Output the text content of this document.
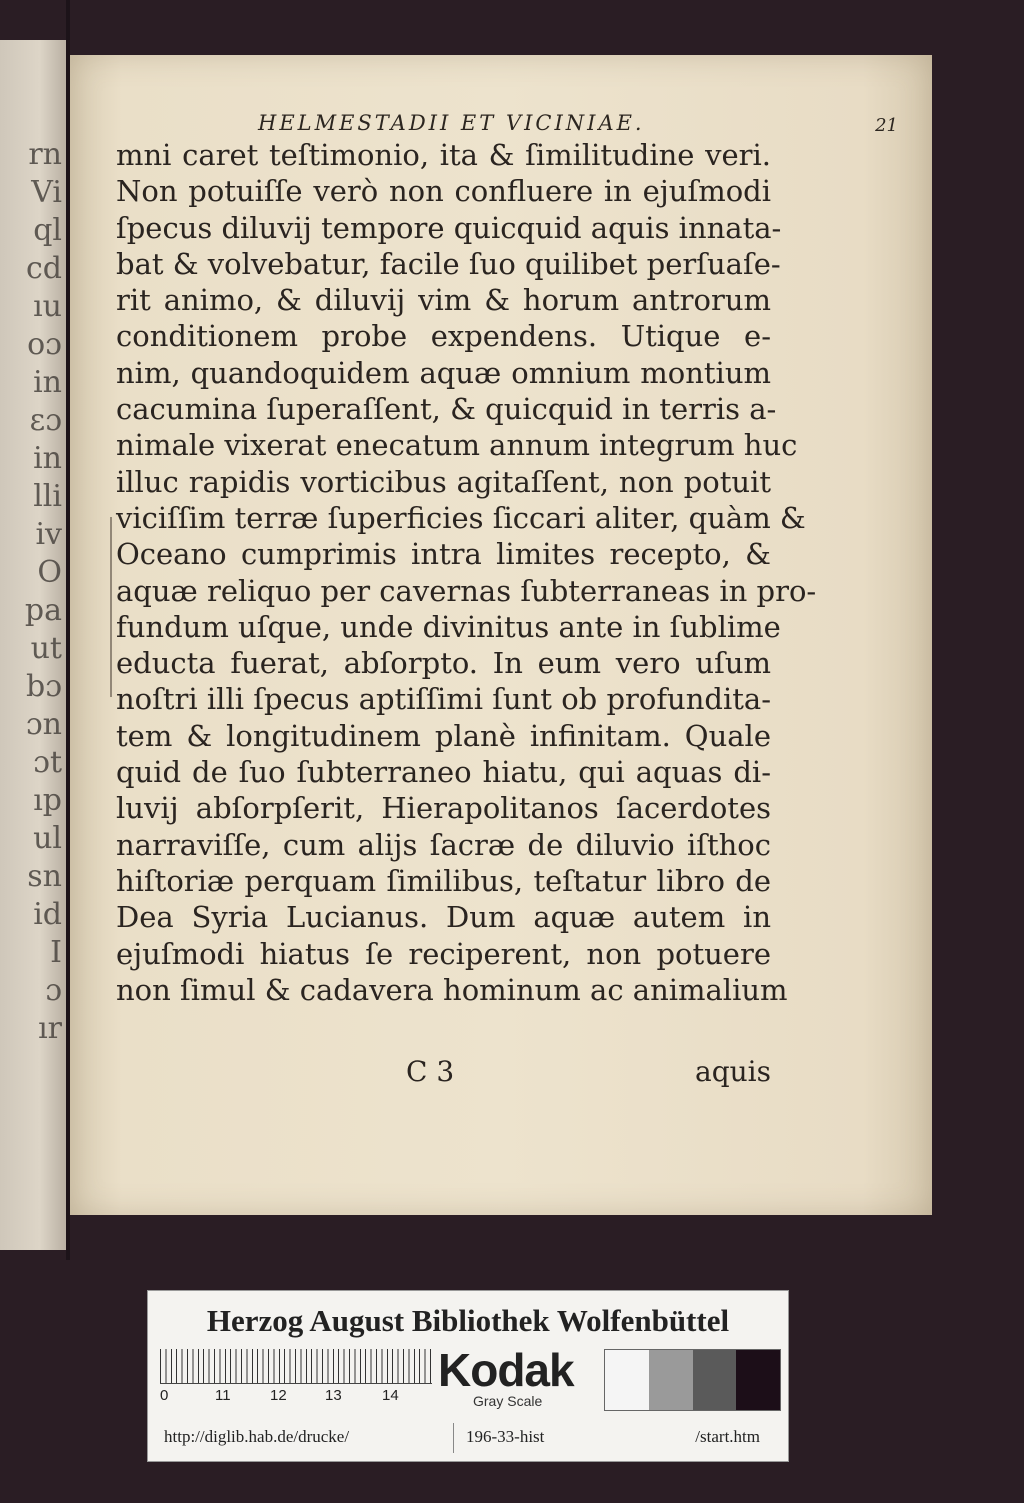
rn
Vi
ql
cd
ıu
oɔ
in
ɛɔ
in
lli
iv
O
pa
ut
bɔ
ɔn
ɔt
ıp
ul
sn
id
I
ɔ
ır
HELMESTADII ET VICINIAE.	21
mni caret teſtimonio, ita & ſimilitudine veri.
Non potuiſſe verò non confluere in ejuſmodi
ſpecus diluvij tempore quicquid aquis innata-
bat & volvebatur, facile ſuo quilibet perſuaſe-
rit animo, & diluvij vim & horum antrorum
conditionem probe expendens. Utique e-
nim, quandoquidem aquæ omnium montium
cacumina ſuperaſſent, & quicquid in terris a-
nimale vixerat enecatum annum integrum huc
illuc rapidis vorticibus agitaſſent, non potuit
viciſſim terræ ſuperficies ſiccari aliter, quàm &
Oceano cumprimis intra limites recepto, &
aquæ reliquo per cavernas ſubterraneas in pro-
fundum uſque, unde divinitus ante in ſublime
educta fuerat, abſorpto. In eum vero uſum
noſtri illi ſpecus aptiſſimi ſunt ob profundita-
tem & longitudinem planè infinitam. Quale
quid de ſuo ſubterraneo hiatu, qui aquas di-
luvij abſorpſerit, Hierapolitanos ſacerdotes
narraviſſe, cum alijs ſacræ de diluvio iſthoc
hiſtoriæ perquam ſimilibus, teſtatur libro de
Dea Syria Lucianus. Dum aquæ autem in
ejuſmodi hiatus ſe reciperent, non potuere
non ſimul & cadavera hominum ac animalium
C 3	aquis
Herzog August Bibliothek Wolfenbüttel
0	11	12	13	14 Kodak
Gray Scale
http://diglib.hab.de/drucke/	196-33-hist	/start.htm
